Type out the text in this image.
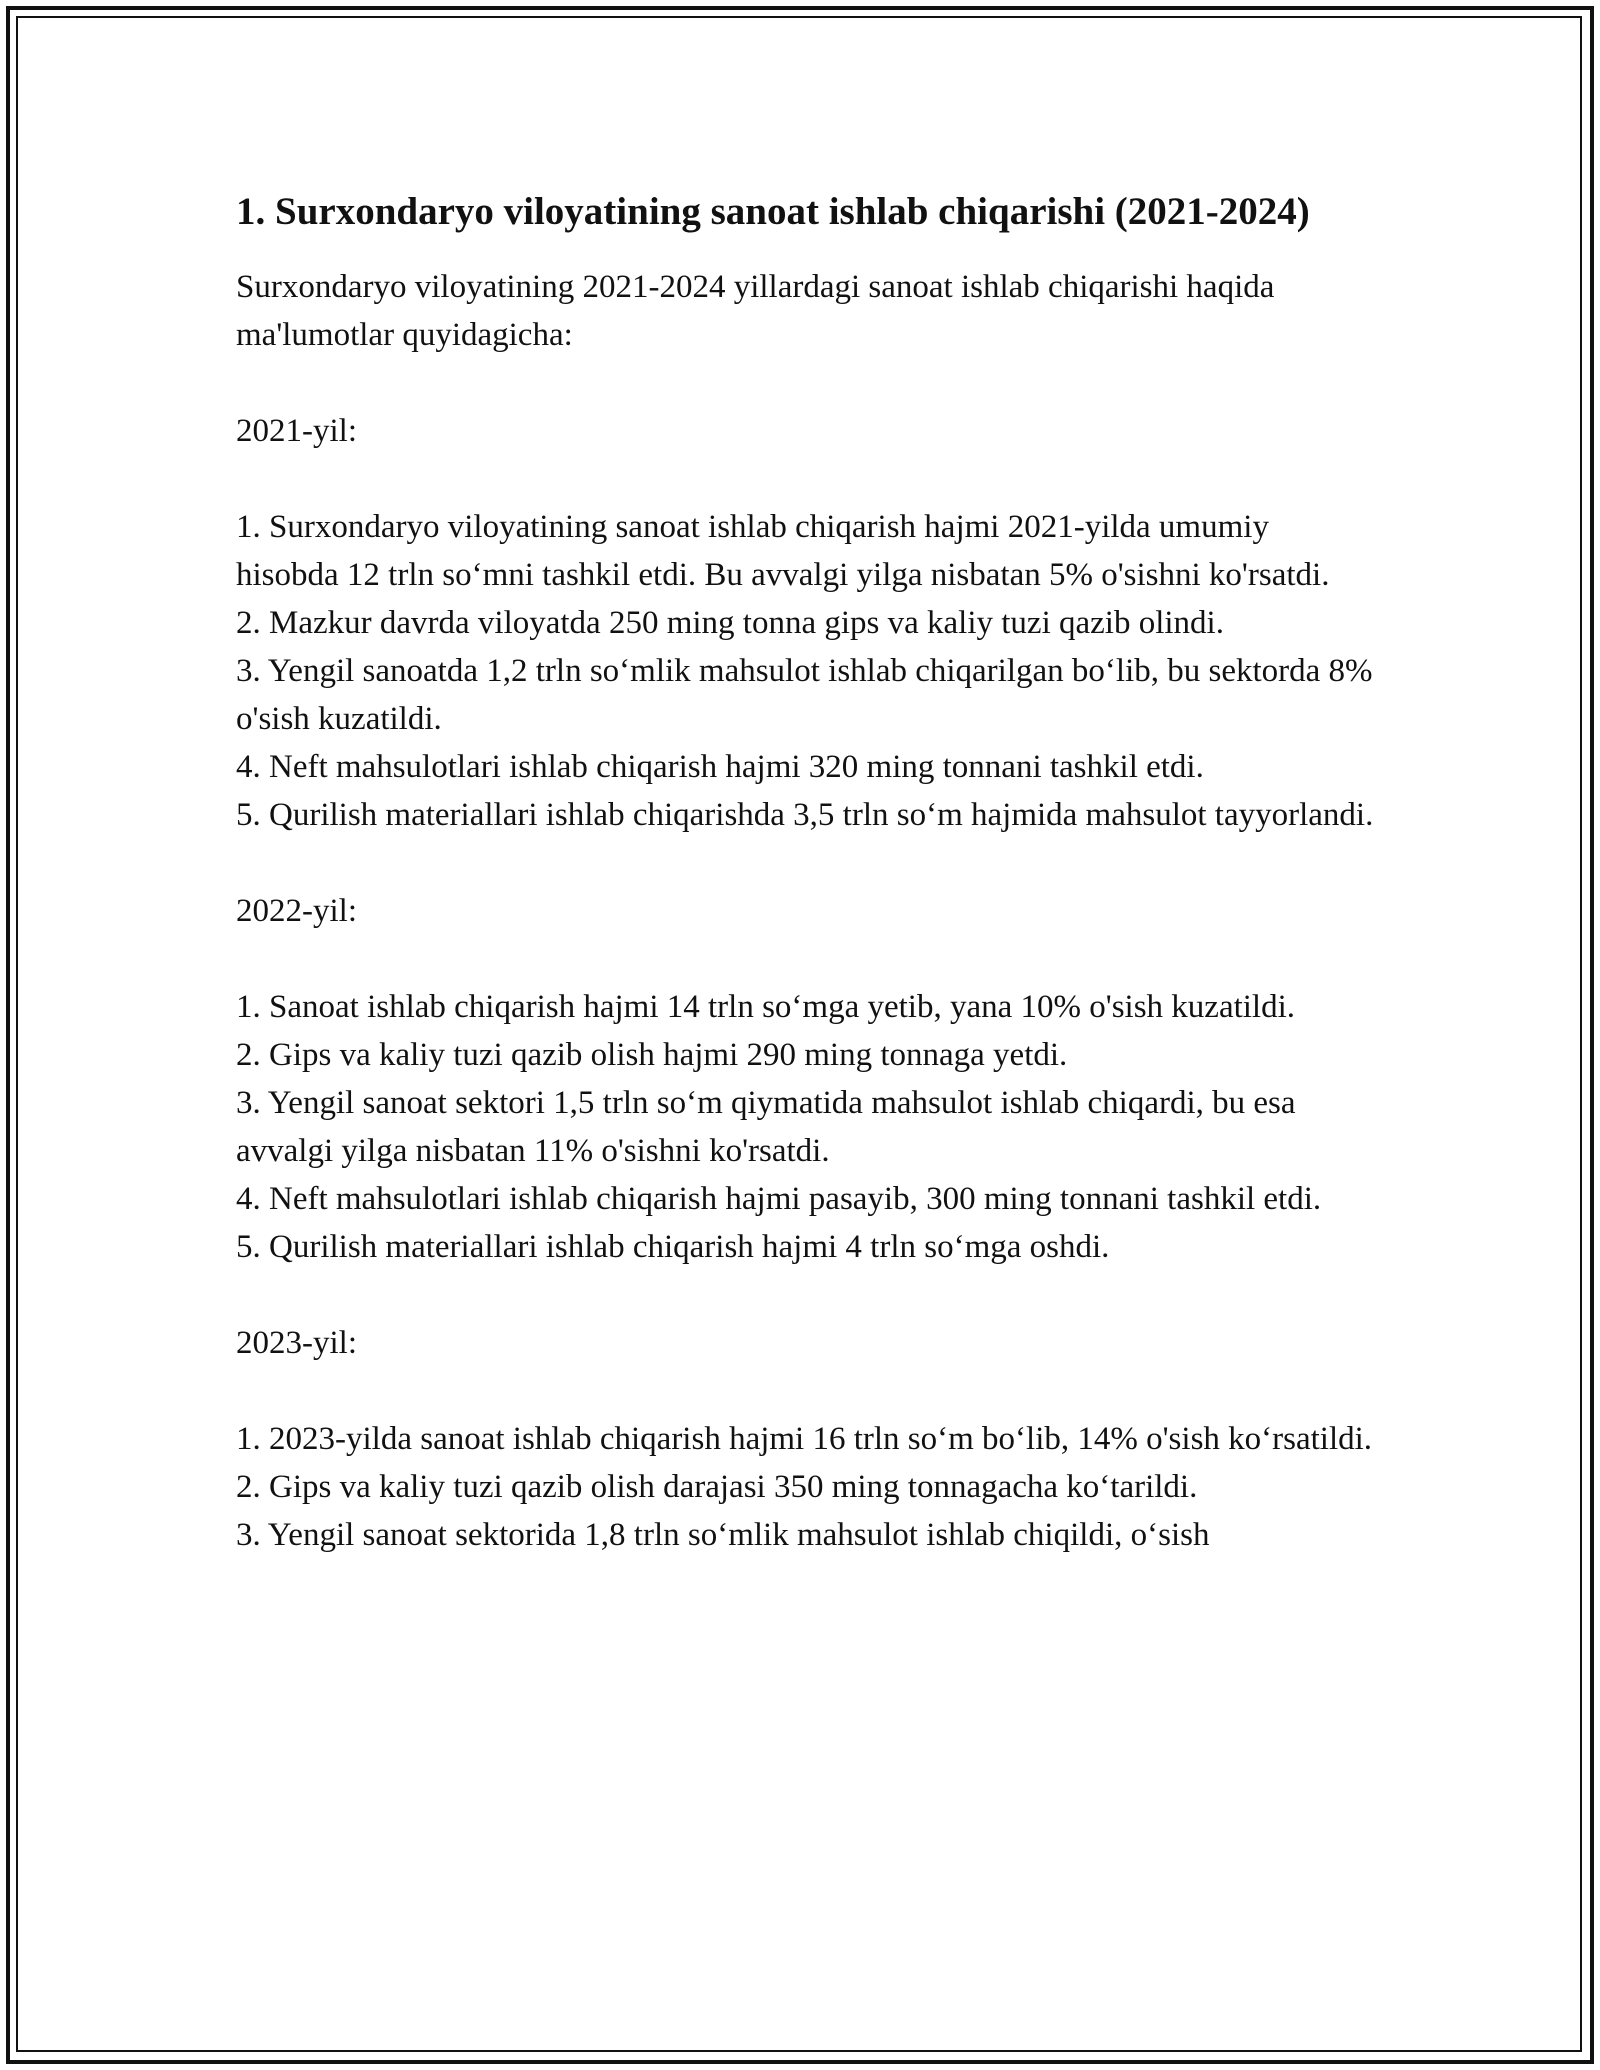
1. Surxondaryo viloyatining sanoat ishlab chiqarishi (2021-2024)

Surxondaryo viloyatining 2021-2024 yillardagi sanoat ishlab chiqarishi haqida ma'lumotlar quyidagicha:

2021-yil:

1. Surxondaryo viloyatining sanoat ishlab chiqarish hajmi 2021-yilda umumiy hisobda 12 trln so‘mni tashkil etdi. Bu avvalgi yilga nisbatan 5% o'sishni ko'rsatdi.
2. Mazkur davrda viloyatda 250 ming tonna gips va kaliy tuzi qazib olindi.
3. Yengil sanoatda 1,2 trln so‘mlik mahsulot ishlab chiqarilgan bo‘lib, bu sektorda 8% o'sish kuzatildi.
4. Neft mahsulotlari ishlab chiqarish hajmi 320 ming tonnani tashkil etdi.
5. Qurilish materiallari ishlab chiqarishda 3,5 trln so‘m hajmida mahsulot tayyorlandi.

2022-yil:

1. Sanoat ishlab chiqarish hajmi 14 trln so‘mga yetib, yana 10% o'sish kuzatildi.
2. Gips va kaliy tuzi qazib olish hajmi 290 ming tonnaga yetdi.
3. Yengil sanoat sektori 1,5 trln so‘m qiymatida mahsulot ishlab chiqardi, bu esa avvalgi yilga nisbatan 11% o'sishni ko'rsatdi.
4. Neft mahsulotlari ishlab chiqarish hajmi pasayib, 300 ming tonnani tashkil etdi.
5. Qurilish materiallari ishlab chiqarish hajmi 4 trln so‘mga oshdi.

2023-yil:

1. 2023-yilda sanoat ishlab chiqarish hajmi 16 trln so‘m bo‘lib, 14% o'sish ko‘rsatildi.
2. Gips va kaliy tuzi qazib olish darajasi 350 ming tonnagacha ko‘tarildi.
3. Yengil sanoat sektorida 1,8 trln so‘mlik mahsulot ishlab chiqildi, o‘sish
